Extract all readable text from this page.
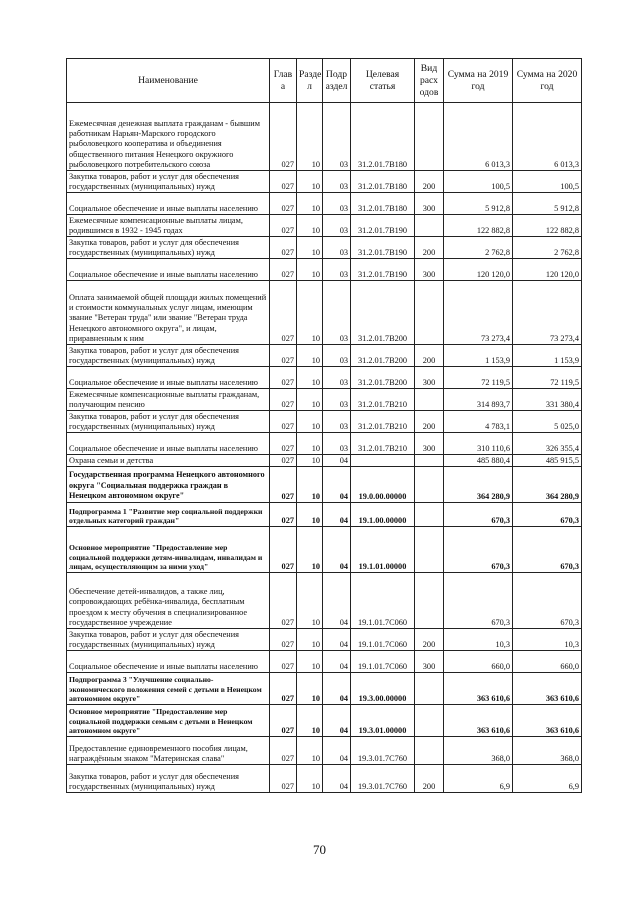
Наименование	Глав а	Разде л	Подр аздел	Целевая статья	Вид расх одов	Сумма на 2019 год	Сумма на 2020 год
Ежемесячная денежная выплата гражданам - бывшим работникам Нарьян-Марского городского рыболовецкого кооператива и объединения общественного питания Ненецкого окружного рыболовецкого потребительского союза	027	10	03	31.2.01.7В180		6 013,3	6 013,3
Закупка товаров, работ и услуг для обеспечения государственных (муниципальных) нужд	027	10	03	31.2.01.7В180	200	100,5	100,5
Социальное обеспечение и иные выплаты населению	027	10	03	31.2.01.7В180	300	5 912,8	5 912,8
Ежемесячные компенсационные выплаты лицам, родившимся в 1932 - 1945 годах	027	10	03	31.2.01.7В190		122 882,8	122 882,8
Закупка товаров, работ и услуг для обеспечения государственных (муниципальных) нужд	027	10	03	31.2.01.7В190	200	2 762,8	2 762,8
Социальное обеспечение и иные выплаты населению	027	10	03	31.2.01.7В190	300	120 120,0	120 120,0
Оплата занимаемой общей площади жилых помещений и стоимости коммунальных услуг лицам, имеющим звание "Ветеран труда" или звание "Ветеран труда Ненецкого автономного округа", и лицам, приравненным к ним	027	10	03	31.2.01.7В200		73 273,4	73 273,4
Закупка товаров, работ и услуг для обеспечения государственных (муниципальных) нужд	027	10	03	31.2.01.7В200	200	1 153,9	1 153,9
Социальное обеспечение и иные выплаты населению	027	10	03	31.2.01.7В200	300	72 119,5	72 119,5
Ежемесячные компенсационные выплаты гражданам, получающим пенсию	027	10	03	31.2.01.7В210		314 893,7	331 380,4
Закупка товаров, работ и услуг для обеспечения государственных (муниципальных) нужд	027	10	03	31.2.01.7В210	200	4 783,1	5 025,0
Социальное обеспечение и иные выплаты населению	027	10	03	31.2.01.7В210	300	310 110,6	326 355,4
Охрана семьи и детства	027	10	04			485 880,4	485 915,5
Государственная программа Ненецкого автономного округа "Социальная поддержка граждан в Ненецком автономном округе"	027	10	04	19.0.00.00000		364 280,9	364 280,9
Подпрограмма 1 "Развитие мер социальной поддержки отдельных категорий граждан"	027	10	04	19.1.00.00000		670,3	670,3
Основное мероприятие "Предоставление мер социальной поддержки детям-инвалидам, инвалидам и лицам, осуществляющим за ними уход"	027	10	04	19.1.01.00000		670,3	670,3
Обеспечение детей-инвалидов, а также лиц, сопровождающих ребёнка-инвалида, бесплатным проездом к месту обучения в специализированное государственное учреждение	027	10	04	19.1.01.7С060		670,3	670,3
Закупка товаров, работ и услуг для обеспечения государственных (муниципальных) нужд	027	10	04	19.1.01.7С060	200	10,3	10,3
Социальное обеспечение и иные выплаты населению	027	10	04	19.1.01.7С060	300	660,0	660,0
Подпрограмма 3 "Улучшение социально-экономического положения семей с детьми в Ненецком автономном округе"	027	10	04	19.3.00.00000		363 610,6	363 610,6
Основное мероприятие "Предоставление мер социальной поддержки семьям с детьми в Ненецком автономном округе"	027	10	04	19.3.01.00000		363 610,6	363 610,6
Предоставление единовременного пособия лицам, награждённым знаком "Материнская слава"	027	10	04	19.3.01.7С760		368,0	368,0
Закупка товаров, работ и услуг для обеспечения государственных (муниципальных) нужд	027	10	04	19.3.01.7С760	200	6,9	6,9
70
